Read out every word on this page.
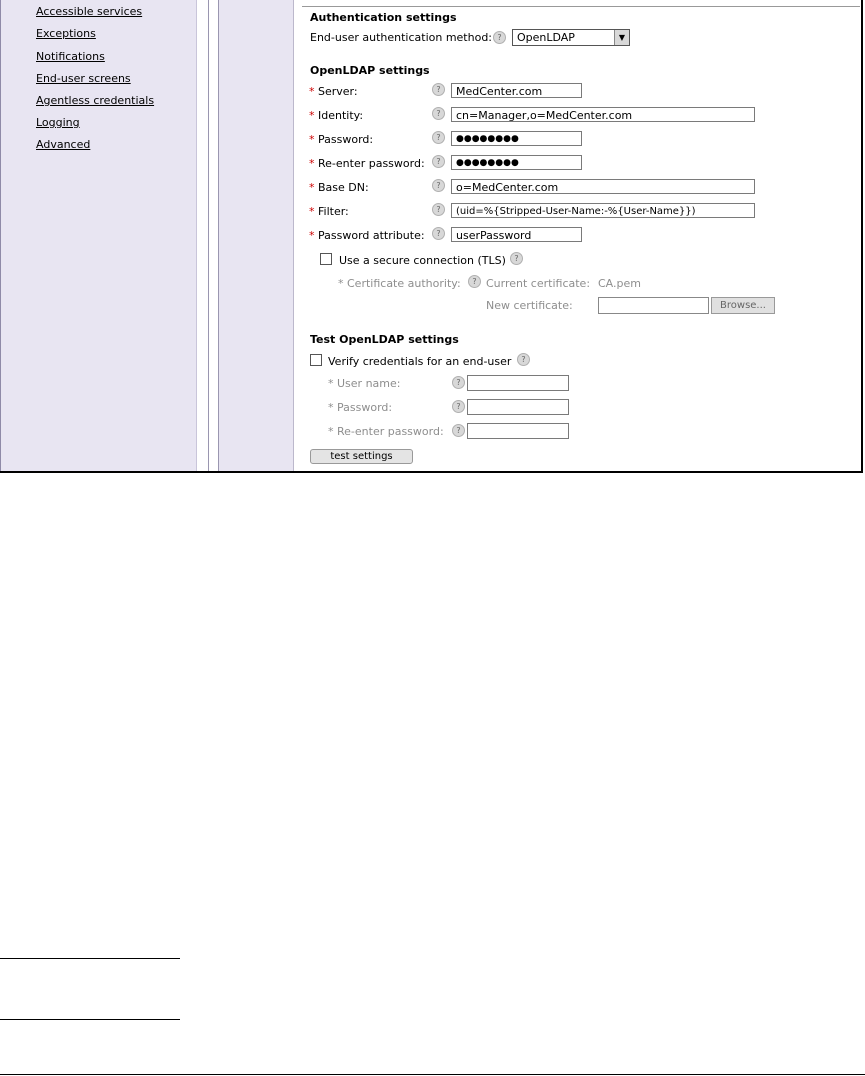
Accessible services
Exceptions
Notifications
End-user screens
Agentless credentials
Logging
Advanced
Authentication settings
End-user authentication method: ?	OpenLDAP	▼
OpenLDAP settings
* Server:	?	MedCenter.com
* Identity:	?	cn=Manager,o=MedCenter.com
* Password:	?	●●●●●●●●
* Re-enter password:	?	●●●●●●●●
* Base DN:	?	o=MedCenter.com
* Filter:	?	(uid=%{Stripped-User-Name:-%{User-Name}})
* Password attribute:	?	userPassword
Use a secure connection (TLS)	?
* Certificate authority:	? Current certificate: CA.pem
New certificate:	Browse...
Test OpenLDAP settings
Verify credentials for an end-user	?
* User name:	?
* Password:	?
* Re-enter password:	?
test settings
